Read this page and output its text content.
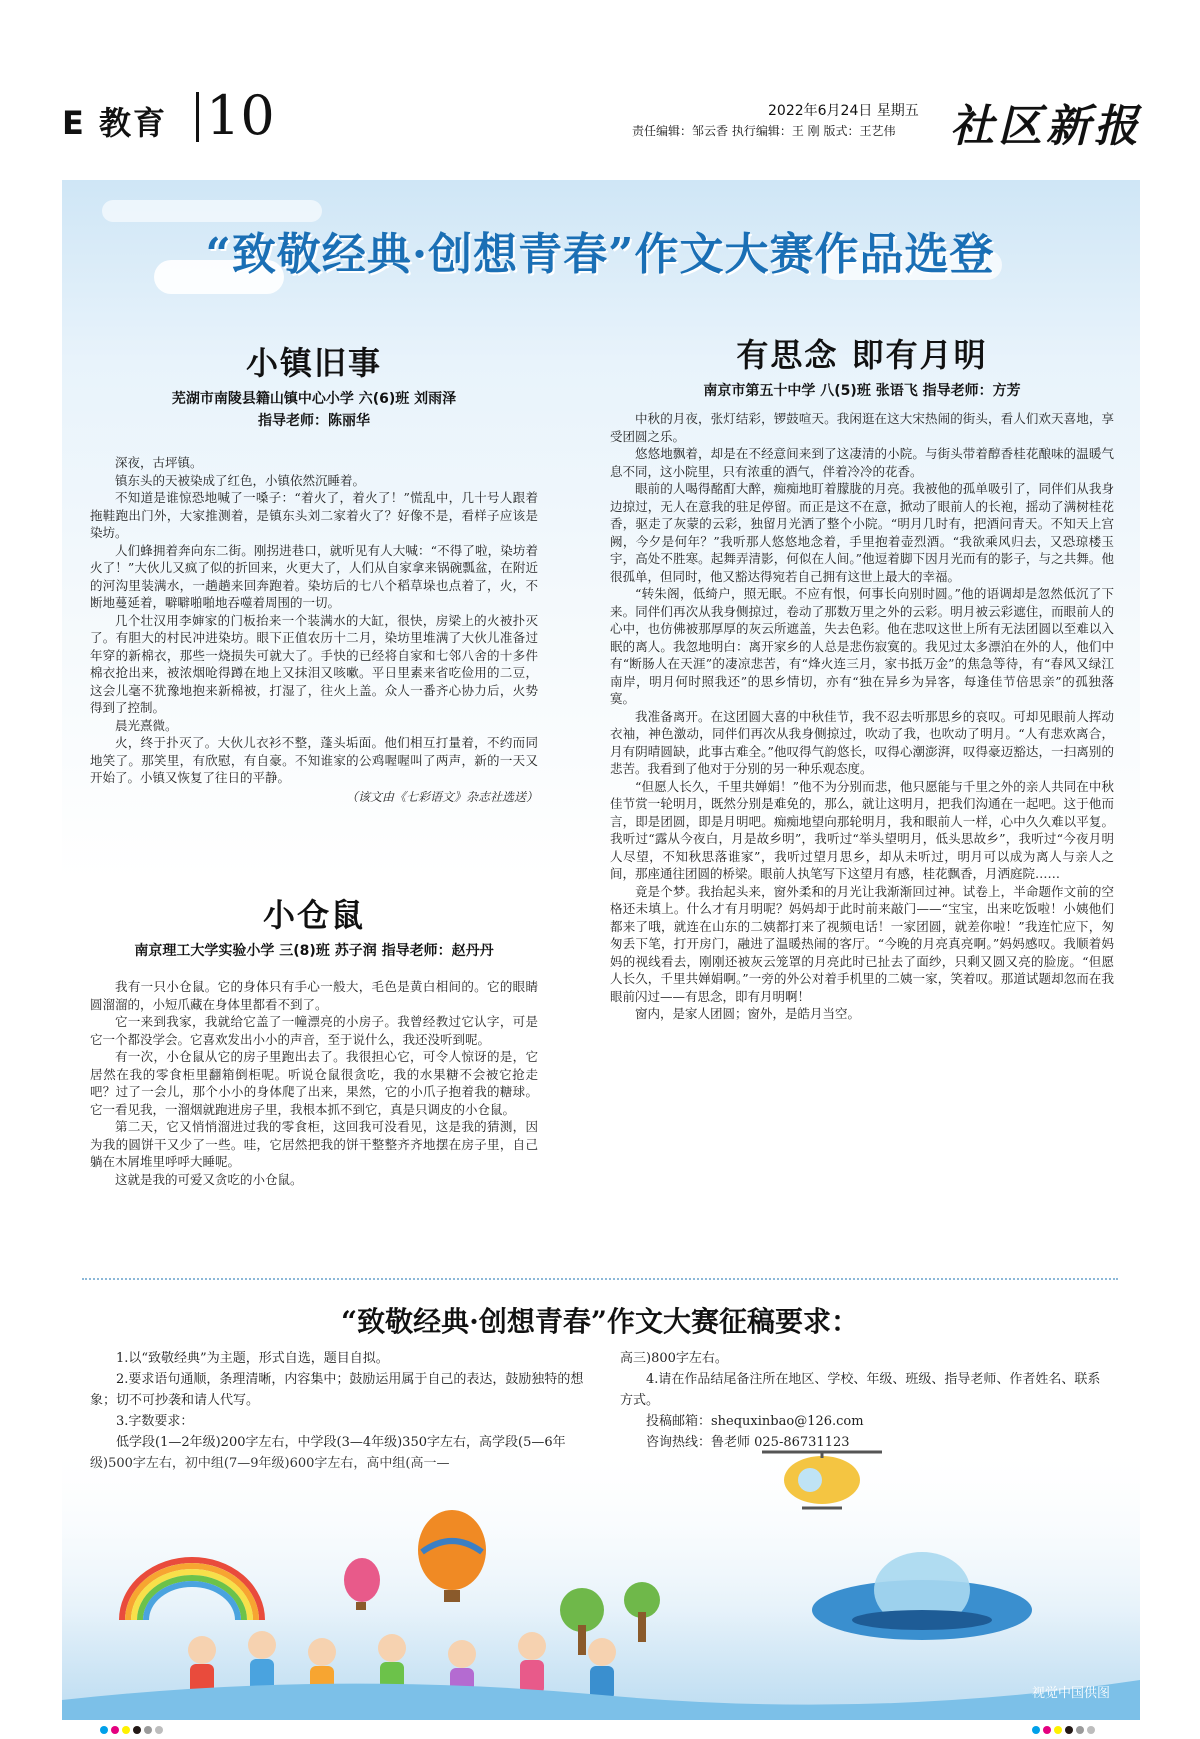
E 教育 10	2022年6月24日 星期五
责任编辑：邹云香 执行编辑：王 刚 版式：王艺伟 社区新报
“致敬经典·创想青春”作文大赛作品选登
小镇旧事
芜湖市南陵县籍山镇中心小学 六(6)班 刘雨泽
指导老师：陈丽华

深夜，古坪镇。

镇东头的天被染成了红色，小镇依然沉睡着。

不知道是谁惊恐地喊了一嗓子：“着火了，着火了！”慌乱中，几十号人跟着拖鞋跑出门外，大家推测着，是镇东头刘二家着火了？好像不是，看样子应该是染坊。

人们蜂拥着奔向东二街。刚拐进巷口，就听见有人大喊：“不得了啦，染坊着火了！”大伙儿又疯了似的折回来，火更大了，人们从自家拿来锅碗瓢盆，在附近的河沟里装满水，一趟趟来回奔跑着。染坊后的七八个稻草垛也点着了，火，不断地蔓延着，噼噼啪啪地吞噬着周围的一切。

几个壮汉用李婶家的门板抬来一个装满水的大缸，很快，房梁上的火被扑灭了。有胆大的村民冲进染坊。眼下正值农历十二月，染坊里堆满了大伙儿准备过年穿的新棉衣，那些一烧损失可就大了。手快的已经将自家和七邻八舍的十多件棉衣抢出来，被浓烟呛得蹲在地上又抹泪又咳嗽。平日里素来省吃俭用的二豆，这会儿毫不犹豫地抱来新棉被，打湿了，往火上盖。众人一番齐心协力后，火势得到了控制。

晨光熹微。

火，终于扑灭了。大伙儿衣衫不整，蓬头垢面。他们相互打量着，不约而同地笑了。那笑里，有欣慰，有自豪。不知谁家的公鸡喔喔叫了两声，新的一天又开始了。小镇又恢复了往日的平静。

（该文由《七彩语文》杂志社选送）
小仓鼠
南京理工大学实验小学 三(8)班 苏子润 指导老师：赵丹丹

我有一只小仓鼠。它的身体只有手心一般大，毛色是黄白相间的。它的眼睛圆溜溜的，小短爪藏在身体里都看不到了。

它一来到我家，我就给它盖了一幢漂亮的小房子。我曾经教过它认字，可是它一个都没学会。它喜欢发出小小的声音，至于说什么，我还没听到呢。

有一次，小仓鼠从它的房子里跑出去了。我很担心它，可令人惊讶的是，它居然在我的零食柜里翻箱倒柜呢。听说仓鼠很贪吃，我的水果糖不会被它抢走吧？过了一会儿，那个小小的身体爬了出来，果然，它的小爪子抱着我的糖球。它一看见我，一溜烟就跑进房子里，我根本抓不到它，真是只调皮的小仓鼠。

第二天，它又悄悄溜进过我的零食柜，这回我可没看见，这是我的猜测，因为我的圆饼干又少了一些。哇，它居然把我的饼干整整齐齐地摆在房子里，自己躺在木屑堆里呼呼大睡呢。

这就是我的可爱又贪吃的小仓鼠。

有思念 即有月明
南京市第五十中学 八(5)班 张语飞 指导老师：方芳

中秋的月夜，张灯结彩，锣鼓喧天。我闲逛在这大宋热闹的街头，看人们欢天喜地，享受团圆之乐。

悠悠地飘着，却是在不经意间来到了这凄清的小院。与街头带着醇香桂花酿味的温暖气息不同，这小院里，只有浓重的酒气，伴着冷冷的花香。

眼前的人喝得酩酊大醉，痴痴地盯着朦胧的月亮。我被他的孤单吸引了，同伴们从我身边掠过，无人在意我的驻足停留。而正是这不在意，掀动了眼前人的长袍，摇动了满树桂花香，驱走了灰蒙的云彩，独留月光洒了整个小院。“明月几时有，把酒问青天。不知天上宫阙，今夕是何年？”我听那人悠悠地念着，手里抱着壶烈酒。“我欲乘风归去，又恐琼楼玉宇，高处不胜寒。起舞弄清影，何似在人间。”他逗着脚下因月光而有的影子，与之共舞。他很孤单，但同时，他又豁达得宛若自己拥有这世上最大的幸福。

“转朱阁，低绮户，照无眠。不应有恨，何事长向别时圆。”他的语调却是忽然低沉了下来。同伴们再次从我身侧掠过，卷动了那数万里之外的云彩。明月被云彩遮住，而眼前人的心中，也仿佛被那厚厚的灰云所遮盖，失去色彩。他在悲叹这世上所有无法团圆以至难以入眠的离人。我忽地明白：离开家乡的人总是悲伤寂寞的。我见过太多漂泊在外的人，他们中有“断肠人在天涯”的凄凉悲苦，有“烽火连三月，家书抵万金”的焦急等待，有“春风又绿江南岸，明月何时照我还”的思乡情切，亦有“独在异乡为异客，每逢佳节倍思亲”的孤独落寞。

我准备离开。在这团圆大喜的中秋佳节，我不忍去听那思乡的哀叹。可却见眼前人挥动衣袖，神色激动，同伴们再次从我身侧掠过，吹动了我，也吹动了明月。“人有悲欢离合，月有阴晴圆缺，此事古难全。”他叹得气韵悠长，叹得心潮澎湃，叹得豪迈豁达，一扫离别的悲苦。我看到了他对于分别的另一种乐观态度。

“但愿人长久，千里共婵娟！”他不为分别而悲，他只愿能与千里之外的亲人共同在中秋佳节赏一轮明月，既然分别是难免的，那么，就让这明月，把我们沟通在一起吧。这于他而言，即是团圆，即是月明吧。痴痴地望向那轮明月，我和眼前人一样，心中久久难以平复。我听过“露从今夜白，月是故乡明”，我听过“举头望明月，低头思故乡”，我听过“今夜月明人尽望，不知秋思落谁家”，我听过望月思乡，却从未听过，明月可以成为离人与亲人之间，那座通往团圆的桥梁。眼前人执笔写下这望月有感，桂花飘香，月洒庭院……

竟是个梦。我抬起头来，窗外柔和的月光让我渐渐回过神。试卷上，半命题作文前的空格还未填上。什么才有月明呢？妈妈却于此时前来敲门——“宝宝，出来吃饭啦！小姨他们都来了哦，就连在山东的二姨都打来了视频电话！一家团圆，就差你啦！”我连忙应下，匆匆丢下笔，打开房门，融进了温暖热闹的客厅。“今晚的月亮真亮啊。”妈妈感叹。我顺着妈妈的视线看去，刚刚还被灰云笼罩的月亮此时已扯去了面纱，只剩又圆又亮的脸庞。“但愿人长久，千里共婵娟啊。”一旁的外公对着手机里的二姨一家，笑着叹。那道试题却忽而在我眼前闪过——有思念，即有月明啊！

窗内，是家人团圆；窗外，是皓月当空。

“致敬经典·创想青春”作文大赛征稿要求：

1.以“致敬经典”为主题，形式自选，题目自拟。

2.要求语句通顺，条理清晰，内容集中；鼓励运用属于自己的表达，鼓励独特的想象；切不可抄袭和请人代写。

3.字数要求：

高三)800字左右。

4.请在作品结尾备注所在地区、学校、年级、班级、指导老师、作者姓名、联系方式。

投稿邮箱：shequxinbao@126.com

视觉中国供图
